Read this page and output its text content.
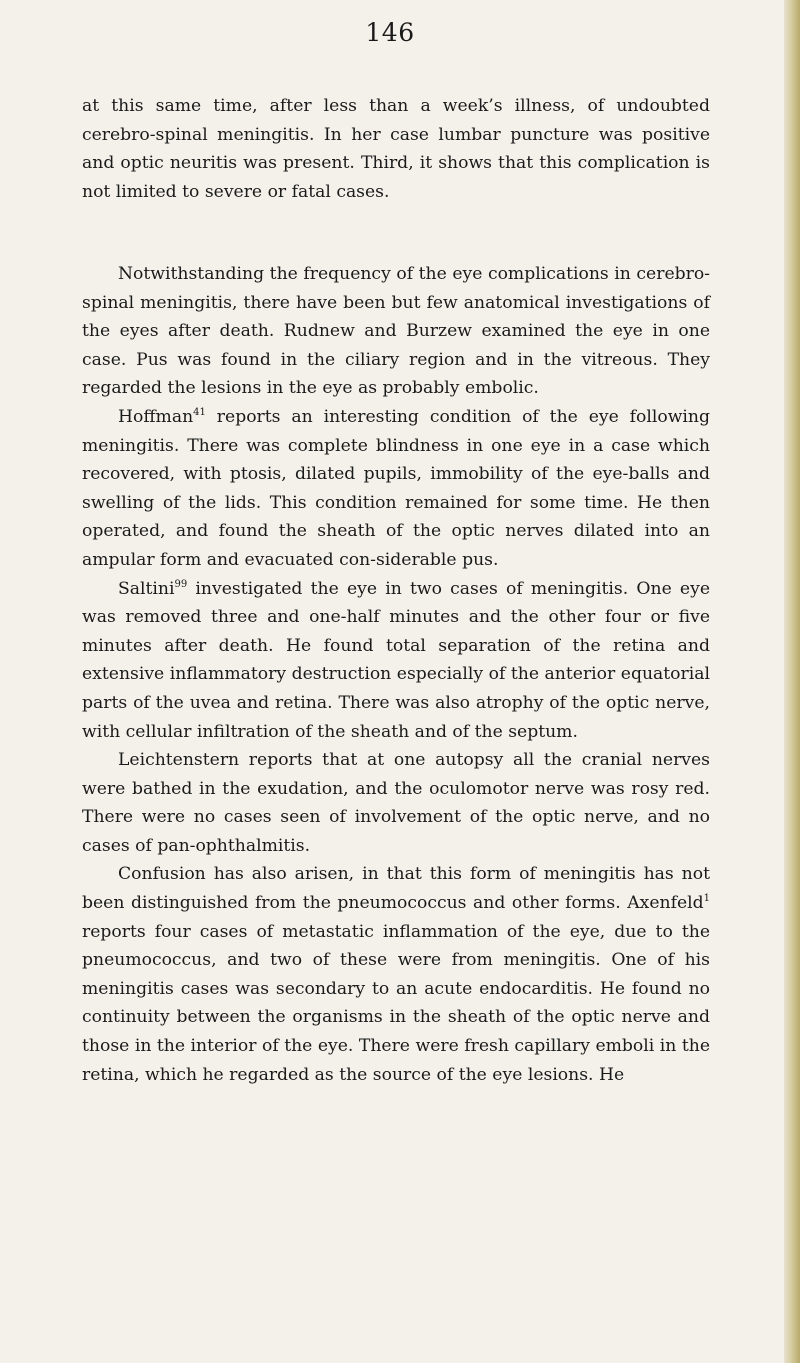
146

at this same time, after less than a week’s illness, of undoubted cerebro-spinal meningitis. In her case lumbar puncture was positive and optic neuritis was present. Third, it shows that this complication is not limited to severe or fatal cases.

Notwithstanding the frequency of the eye complications in cerebro-spinal meningitis, there have been but few anatomical investigations of the eyes after death. Rudnew and Burzew examined the eye in one case. Pus was found in the ciliary region and in the vitreous. They regarded the lesions in the eye as probably embolic.

Hoffman$^{41}$ reports an interesting condition of the eye following meningitis. There was complete blindness in one eye in a case which recovered, with ptosis, dilated pupils, immobility of the eye-balls and swelling of the lids. This condition remained for some time. He then operated, and found the sheath of the optic nerves dilated into an ampular form and evacuated con-siderable pus.

Saltini$^{99}$ investigated the eye in two cases of meningitis. One eye was removed three and one-half minutes and the other four or five minutes after death. He found total separation of the retina and extensive inflammatory destruction especially of the anterior equatorial parts of the uvea and retina. There was also atrophy of the optic nerve, with cellular infiltration of the sheath and of the septum.

Leichtenstern reports that at one autopsy all the cranial nerves were bathed in the exudation, and the oculomotor nerve was rosy red. There were no cases seen of involvement of the optic nerve, and no cases of pan-ophthalmitis.

Confusion has also arisen, in that this form of meningitis has not been distinguished from the pneumococcus and other forms. Axenfeld$^1$ reports four cases of metastatic inflammation of the eye, due to the pneumococcus, and two of these were from meningitis. One of his meningitis cases was secondary to an acute endocarditis. He found no continuity between the organisms in the sheath of the optic nerve and those in the interior of the eye. There were fresh capillary emboli in the retina, which he regarded as the source of the eye lesions. He
